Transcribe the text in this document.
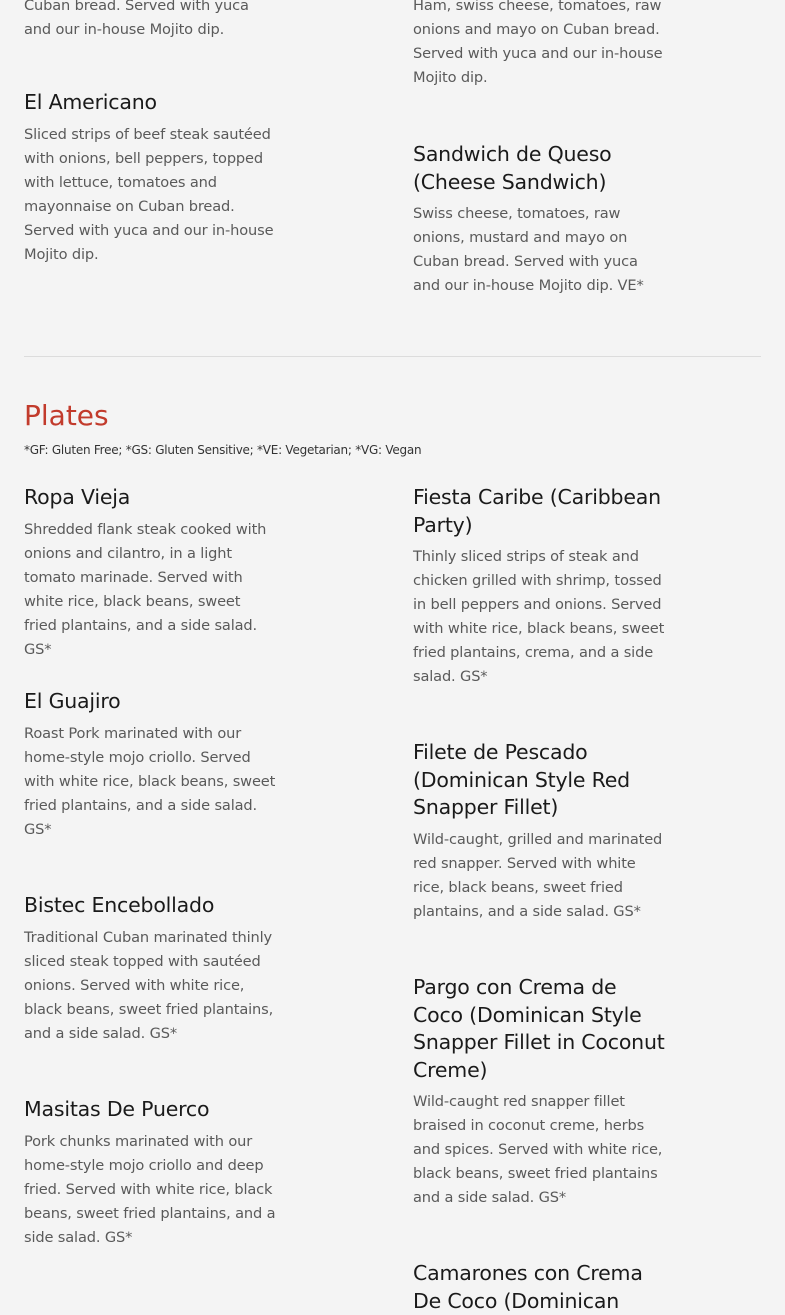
Cuban bread. Served with yuca and our in-house Mojito dip.

Ham, swiss cheese, tomatoes, raw onions and mayo on Cuban bread. Served with yuca and our in-house Mojito dip.

El Americano

Sliced strips of beef steak sautéed with onions, bell peppers, topped with lettuce, tomatoes and mayonnaise on Cuban bread. Served with yuca and our in-house Mojito dip.

Sandwich de Queso (Cheese Sandwich)

Swiss cheese, tomatoes, raw onions, mustard and mayo on Cuban bread. Served with yuca and our in-house Mojito dip. VE*

Plates

*GF: Gluten Free; *GS: Gluten Sensitive; *VE: Vegetarian; *VG: Vegan

Ropa Vieja

Shredded flank steak cooked with onions and cilantro, in a light tomato marinade. Served with white rice, black beans, sweet fried plantains, and a side salad. GS*

El Guajiro

Roast Pork marinated with our home-style mojo criollo. Served with white rice, black beans, sweet fried plantains, and a side salad. GS*

Bistec Encebollado

Traditional Cuban marinated thinly sliced steak topped with sautéed onions. Served with white rice, black beans, sweet fried plantains, and a side salad. GS*

Masitas De Puerco

Pork chunks marinated with our home-style mojo criollo and deep fried. Served with white rice, black beans, sweet fried plantains, and a side salad. GS*

Fiesta Caribe (Caribbean Party)

Thinly sliced strips of steak and chicken grilled with shrimp, tossed in bell peppers and onions. Served with white rice, black beans, sweet fried plantains, crema, and a side salad. GS*

Filete de Pescado (Dominican Style Red Snapper Fillet)

Wild-caught, grilled and marinated red snapper. Served with white rice, black beans, sweet fried plantains, and a side salad. GS*

Pargo con Crema de Coco (Dominican Style Snapper Fillet in Coconut Creme)

Wild-caught red snapper fillet braised in coconut creme, herbs and spices. Served with white rice, black beans, sweet fried plantains and a side salad. GS*

Camarones con Crema De Coco (Dominican
